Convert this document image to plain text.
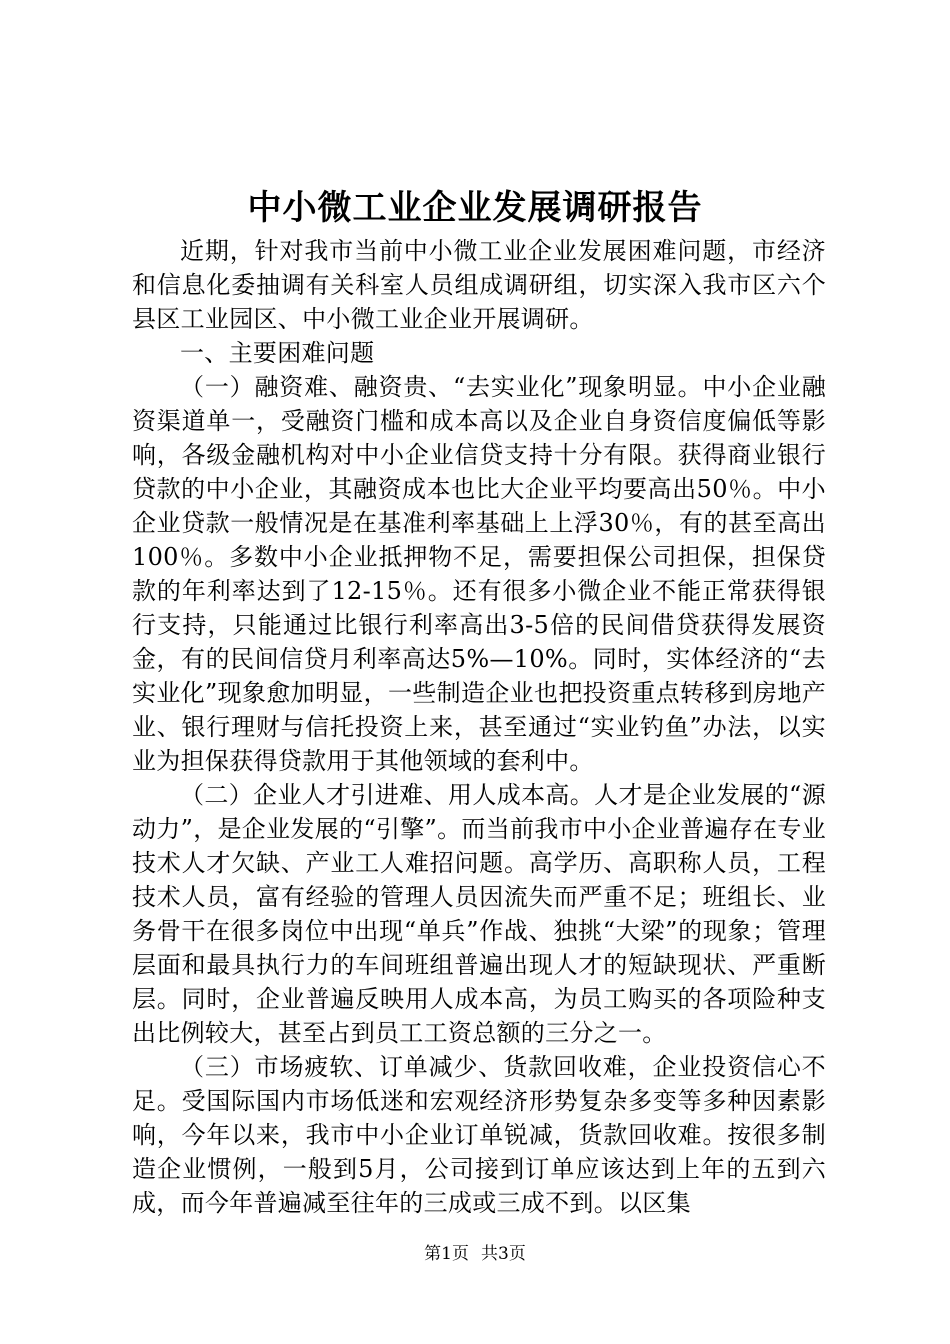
中小微工业企业发展调研报告

近期，针对我市当前中小微工业企业发展困难问题，市经济和信息化委抽调有关科室人员组成调研组，切实深入我市区六个县区工业园区、中小微工业企业开展调研。

一、主要困难问题

（一）融资难、融资贵、“去实业化”现象明显。中小企业融资渠道单一，受融资门槛和成本高以及企业自身资信度偏低等影响，各级金融机构对中小企业信贷支持十分有限。获得商业银行贷款的中小企业，其融资成本也比大企业平均要高出50％。中小企业贷款一般情况是在基准利率基础上上浮30％，有的甚至高出100％。多数中小企业抵押物不足，需要担保公司担保，担保贷款的年利率达到了12-15％。还有很多小微企业不能正常获得银行支持，只能通过比银行利率高出3-5倍的民间借贷获得发展资金，有的民间信贷月利率高达5%—10%。同时，实体经济的“去实业化”现象愈加明显，一些制造企业也把投资重点转移到房地产业、银行理财与信托投资上来，甚至通过“实业钓鱼”办法，以实业为担保获得贷款用于其他领域的套利中。

（二）企业人才引进难、用人成本高。人才是企业发展的“源动力”，是企业发展的“引擎”。而当前我市中小企业普遍存在专业技术人才欠缺、产业工人难招问题。高学历、高职称人员，工程技术人员，富有经验的管理人员因流失而严重不足；班组长、业务骨干在很多岗位中出现“单兵”作战、独挑“大梁”的现象；管理层面和最具执行力的车间班组普遍出现人才的短缺现状、严重断层。同时，企业普遍反映用人成本高，为员工购买的各项险种支出比例较大，甚至占到员工工资总额的三分之一。

（三）市场疲软、订单减少、货款回收难，企业投资信心不足。受国际国内市场低迷和宏观经济形势复杂多变等多种因素影响，今年以来，我市中小企业订单锐减，货款回收难。按很多制造企业惯例，一般到5月，公司接到订单应该达到上年的五到六成，而今年普遍减至往年的三成或三成不到。以区集

第1页 共3页
